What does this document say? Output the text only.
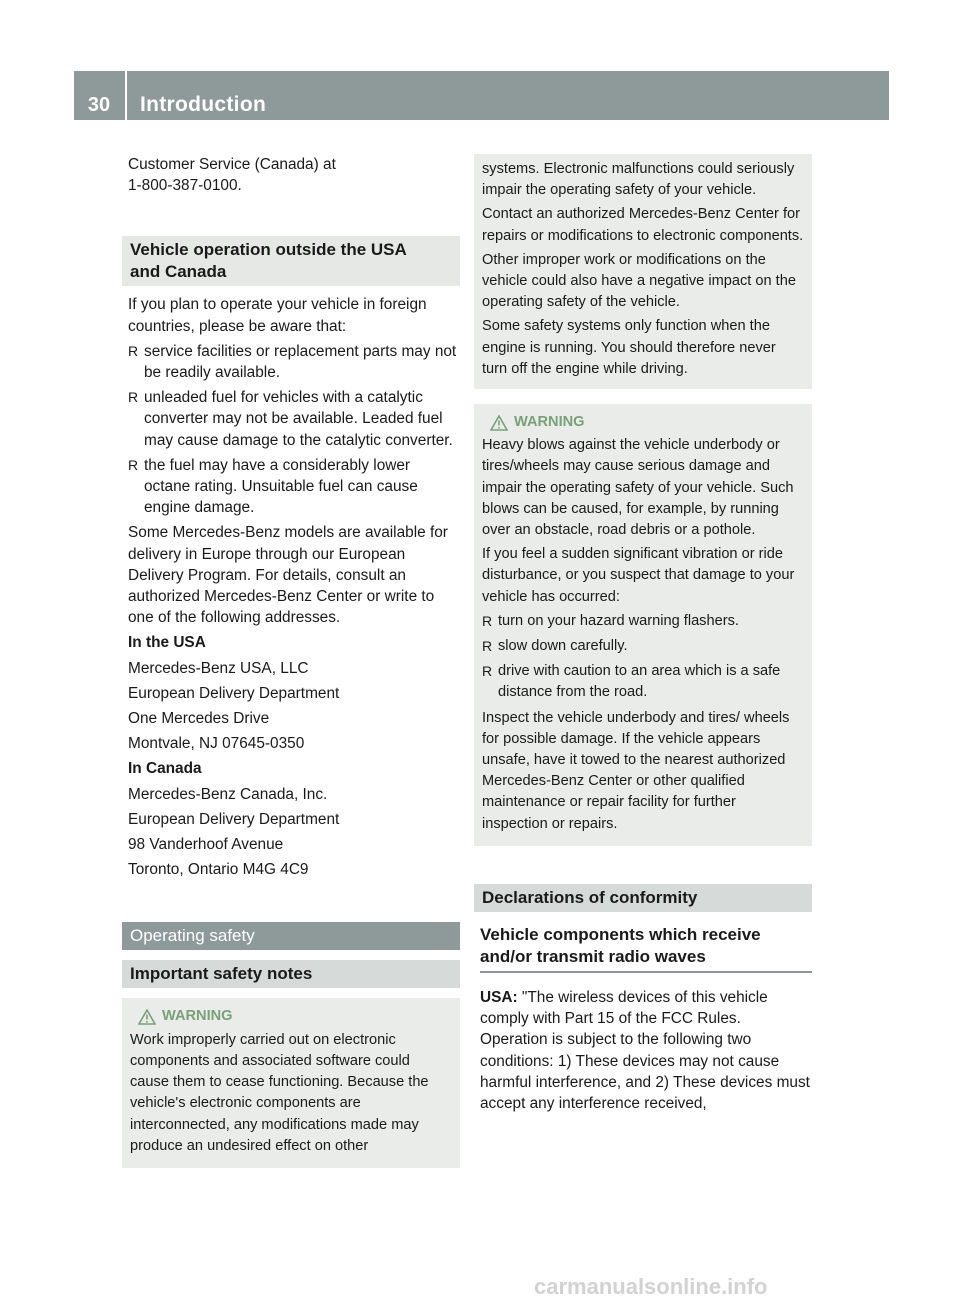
30	Introduction

Customer Service (Canada) at
1-800-387-0100.

Vehicle operation outside the USA
and Canada

If you plan to operate your vehicle in foreign countries, please be aware that:

R service facilities or replacement parts may not be readily available.
R unleaded fuel for vehicles with a catalytic converter may not be available. Leaded fuel may cause damage to the catalytic converter.
R the fuel may have a considerably lower octane rating. Unsuitable fuel can cause engine damage.

Some Mercedes-Benz models are available for delivery in Europe through our European Delivery Program. For details, consult an authorized Mercedes-Benz Center or write to one of the following addresses.

In the USA

Mercedes-Benz USA, LLC

European Delivery Department

One Mercedes Drive

Montvale, NJ 07645-0350

In Canada

Mercedes-Benz Canada, Inc.

European Delivery Department

98 Vanderhoof Avenue

Toronto, Ontario M4G 4C9

Operating safety
Important safety notes
WARNING

Work improperly carried out on electronic components and associated software could cause them to cease functioning. Because the vehicle's electronic components are interconnected, any modifications made may produce an undesired effect on other

systems. Electronic malfunctions could seriously impair the operating safety of your vehicle.

Contact an authorized Mercedes-Benz Center for repairs or modifications to electronic components.

Other improper work or modifications on the vehicle could also have a negative impact on the operating safety of the vehicle.

Some safety systems only function when the engine is running. You should therefore never turn off the engine while driving.

WARNING

Heavy blows against the vehicle underbody or tires/wheels may cause serious damage and impair the operating safety of your vehicle. Such blows can be caused, for example, by running over an obstacle, road debris or a pothole.

If you feel a sudden significant vibration or ride disturbance, or you suspect that damage to your vehicle has occurred:

R turn on your hazard warning flashers.
R slow down carefully.
R drive with caution to an area which is a safe distance from the road.

Inspect the vehicle underbody and tires/ wheels for possible damage. If the vehicle appears unsafe, have it towed to the nearest authorized Mercedes-Benz Center or other qualified maintenance or repair facility for further inspection or repairs.

Declarations of conformity
Vehicle components which receive
and/or transmit radio waves

USA: "The wireless devices of this vehicle comply with Part 15 of the FCC Rules. Operation is subject to the following two conditions: 1) These devices may not cause harmful interference, and 2) These devices must accept any interference received,

carmanualsonline.info
